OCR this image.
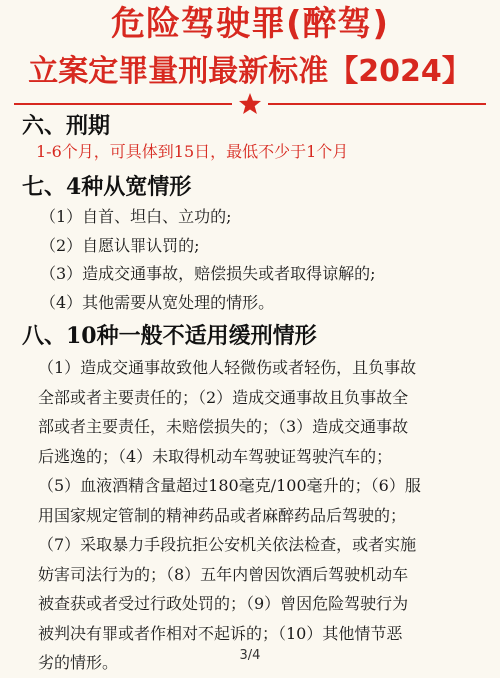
危险驾驶罪(醉驾)
立案定罪量刑最新标准【2024】
六、刑期
1-6个月，可具体到15日，最低不少于1个月
七、4种从宽情形
（1）自首、坦白、立功的;
（2）自愿认罪认罚的;
（3）造成交通事故，赔偿损失或者取得谅解的;
（4）其他需要从宽处理的情形。
八、10种一般不适用缓刑情形
（1）造成交通事故致他人轻微伤或者轻伤，且负事故
全部或者主要责任的；（2）造成交通事故且负事故全
部或者主要责任，未赔偿损失的；（3）造成交通事故
后逃逸的；（4）未取得机动车驾驶证驾驶汽车的；
（5）血液酒精含量超过180毫克/100毫升的；（6）服
用国家规定管制的精神药品或者麻醉药品后驾驶的；
（7）采取暴力手段抗拒公安机关依法检查，或者实施
妨害司法行为的；（8）五年内曾因饮酒后驾驶机动车
被查获或者受过行政处罚的；（9）曾因危险驾驶行为
被判决有罪或者作相对不起诉的；（10）其他情节恶
劣的情形。	3/4
